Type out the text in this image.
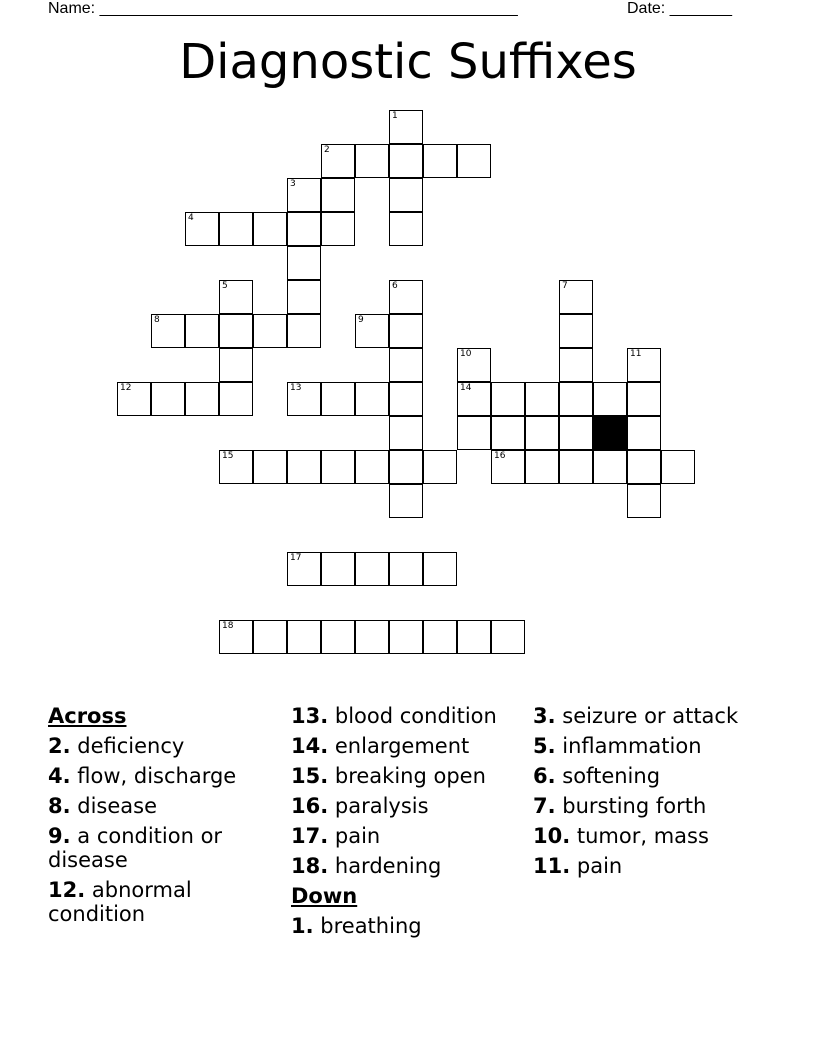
Name: _______________________________________________	Date: _______
Diagnostic Suffixes
1
2
3
4
5	6	7
8	9
10	11
12	13	14
15	16
17
18
Across
2. deficiency
4. flow, discharge
8. disease
9. a condition or disease
12. abnormal condition
13. blood condition
14. enlargement
15. breaking open
16. paralysis
17. pain
18. hardening
Down
1. breathing
3. seizure or attack
5. inflammation
6. softening
7. bursting forth
10. tumor, mass
11. pain
